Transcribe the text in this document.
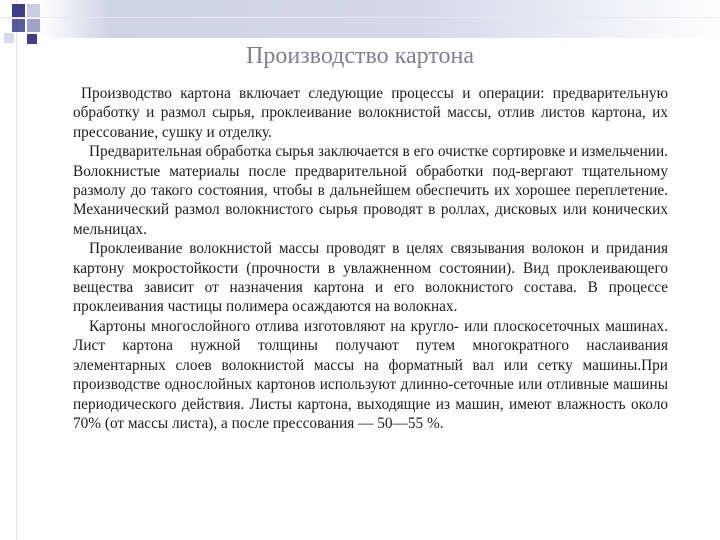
Производство картона

Производство картона включает следующие процессы и операции: предварительную обработку и размол сырья, проклеивание волокнистой массы, отлив листов картона, их прессование, сушку и отделку.

Предварительная обработка сырья заключается в его очистке сортировке и измельчении. Волокнистые материалы после предварительной обработки под-вергают тщательному размолу до такого состояния, чтобы в дальнейшем обеспечить их хорошее переплетение. Механический размол волокнистого сырья проводят в роллах, дисковых или конических мельницах.

Проклеивание волокнистой массы проводят в целях связывания волокон и придания картону мокростойкости (прочности в увлажненном состоянии). Вид проклеивающего вещества зависит от назначения картона и его волокнистого состава. В процессе проклеивания частицы полимера осаждаются на волокнах.

Картоны многослойного отлива изготовляют на кругло- или плоскосеточных машинах. Лист картона нужной толщины получают путем многократного наслаивания элементарных слоев волокнистой массы на форматный вал или сетку машины.При производстве однослойных картонов используют длинно-сеточные или отливные машины периодического действия. Листы картона, выходящие из машин, имеют влажность около 70% (от массы листа), а после прессования — 50—55 %.
